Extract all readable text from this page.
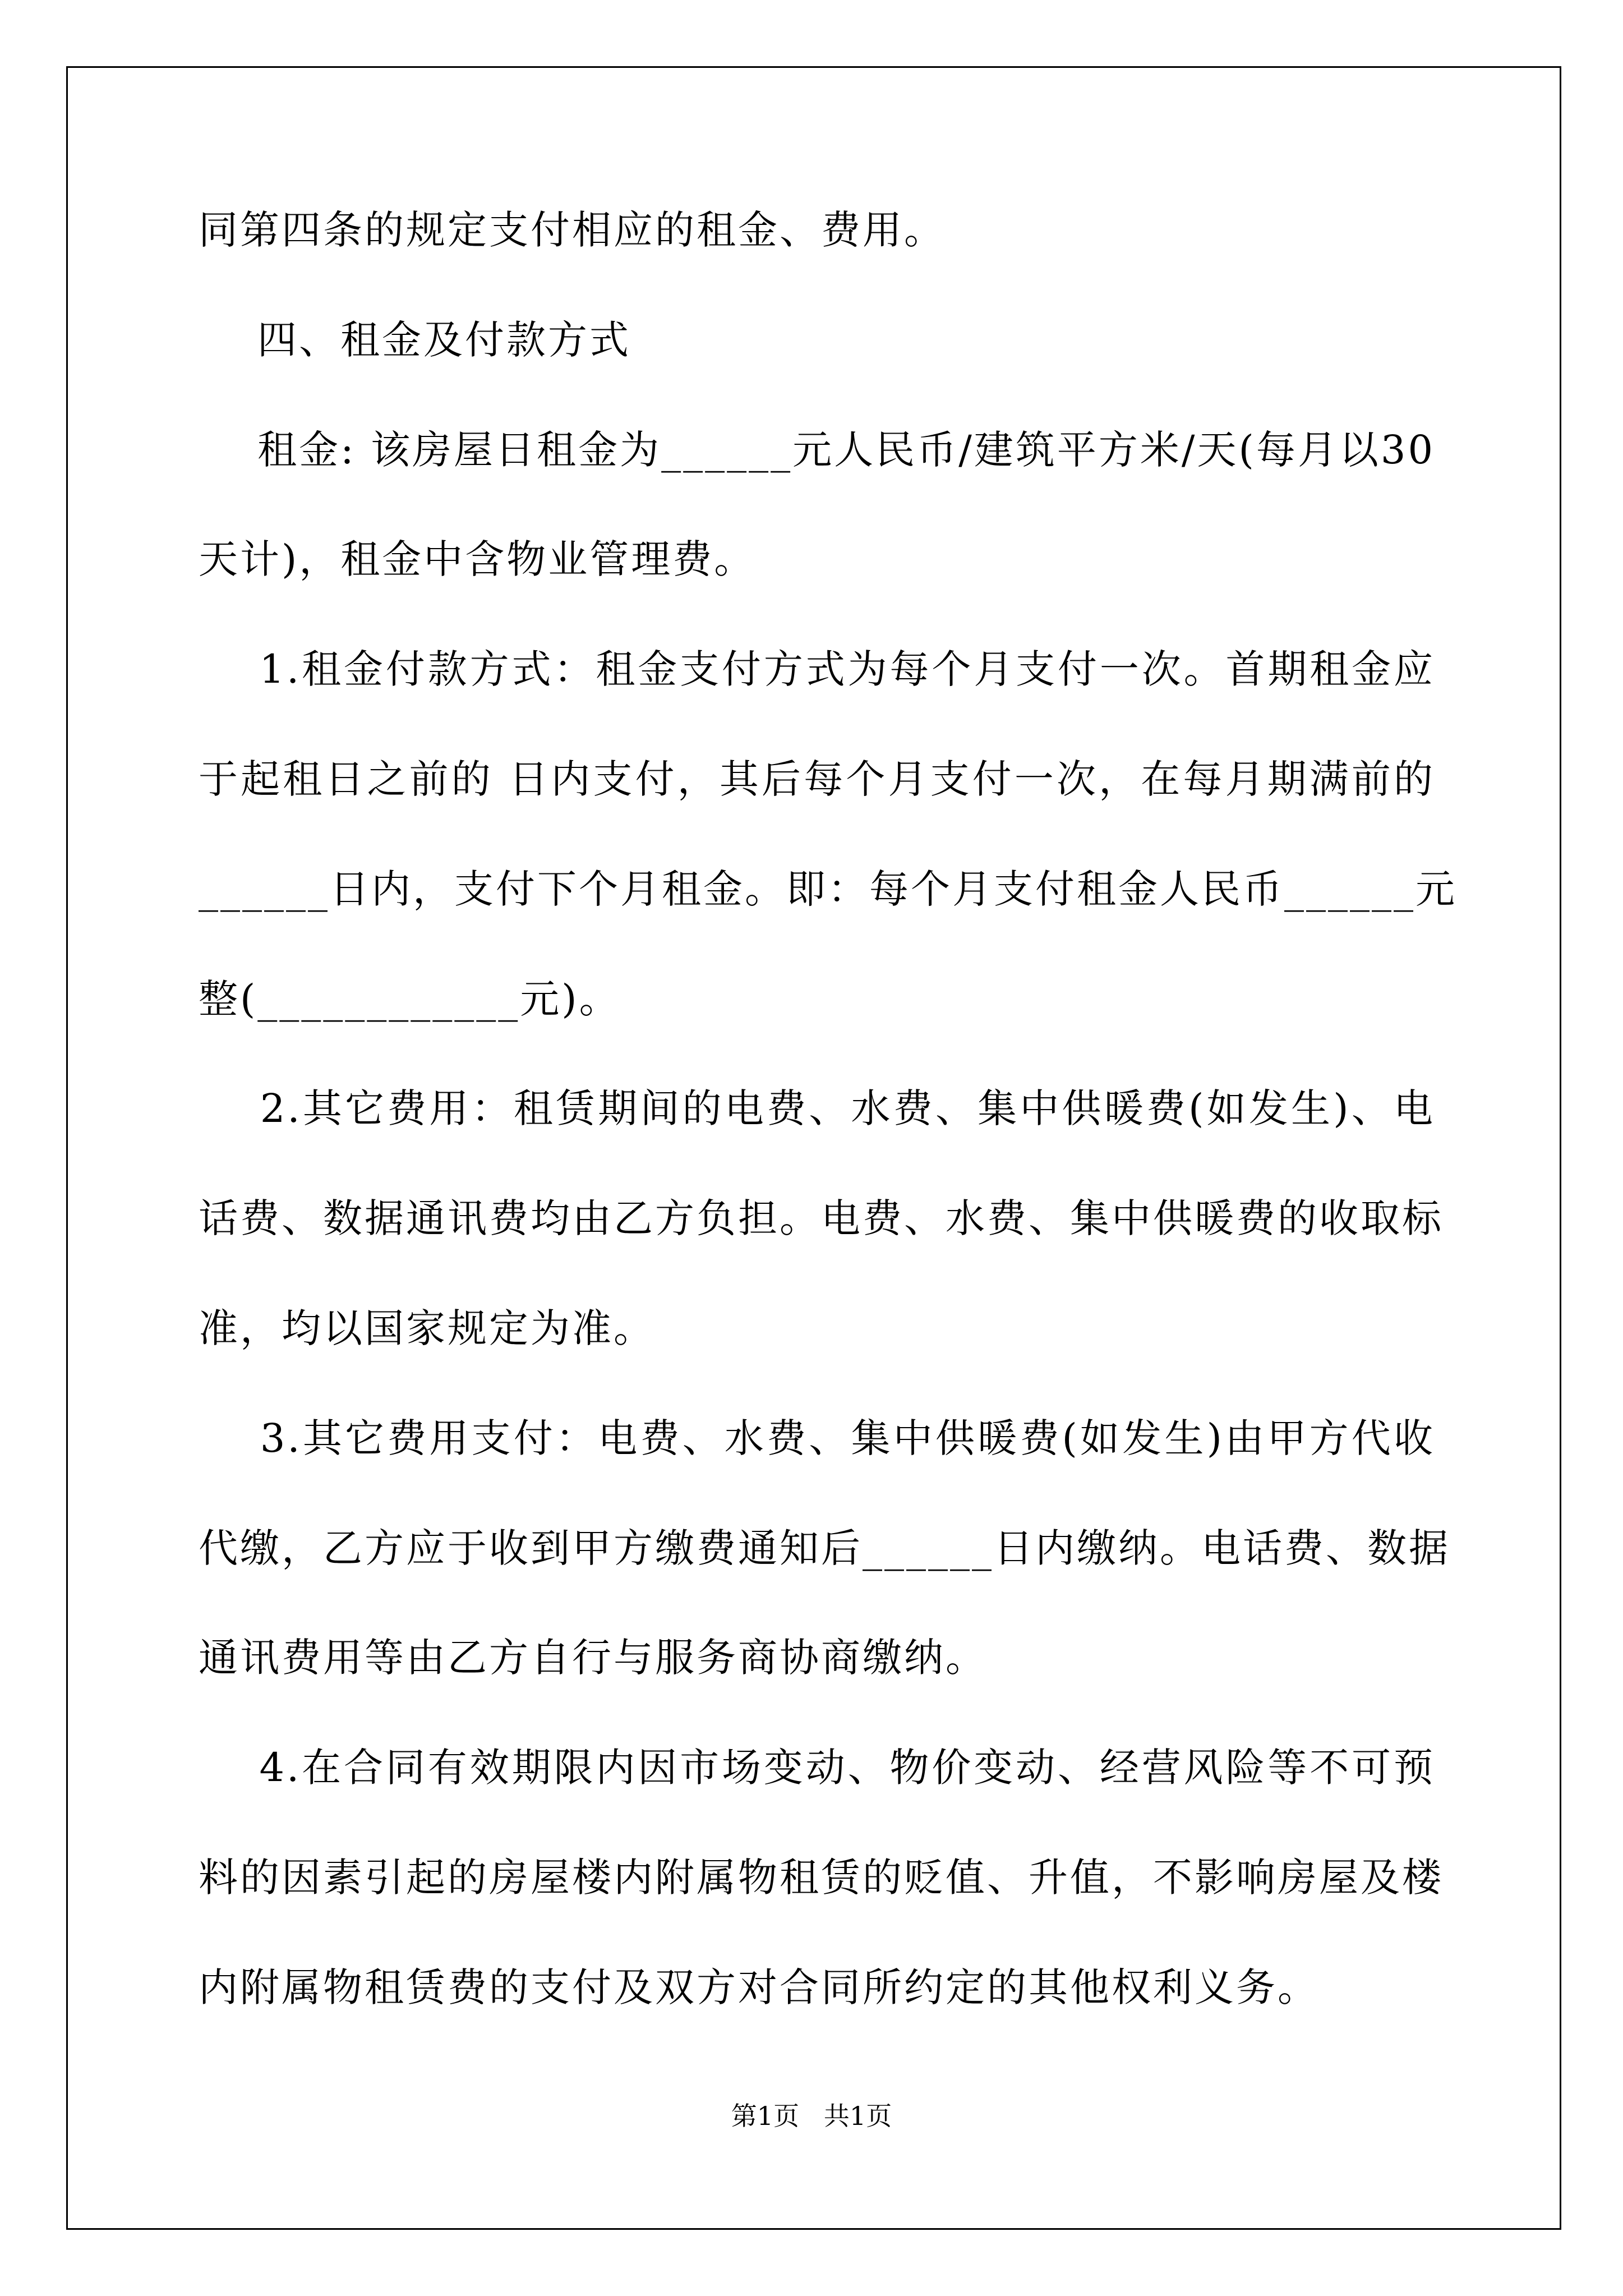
同第四条的规定支付相应的租金、费用。
四、租金及付款方式
租金: 该房屋日租金为______元人民币/建筑平方米/天(每月以30
天计)，租金中含物业管理费。
1.租金付款方式：租金支付方式为每个月支付一次。首期租金应
于起租日之前的 日内支付，其后每个月支付一次，在每月期满前的
______日内，支付下个月租金。即：每个月支付租金人民币______元
整(____________元)。
2.其它费用：租赁期间的电费、水费、集中供暖费(如发生)、电
话费、数据通讯费均由乙方负担。电费、水费、集中供暖费的收取标
准，均以国家规定为准。
3.其它费用支付：电费、水费、集中供暖费(如发生)由甲方代收
代缴，乙方应于收到甲方缴费通知后______日内缴纳。电话费、数据
通讯费用等由乙方自行与服务商协商缴纳。
4.在合同有效期限内因市场变动、物价变动、经营风险等不可预
料的因素引起的房屋楼内附属物租赁的贬值、升值，不影响房屋及楼
内附属物租赁费的支付及双方对合同所约定的其他权利义务。
第1页   共1页
